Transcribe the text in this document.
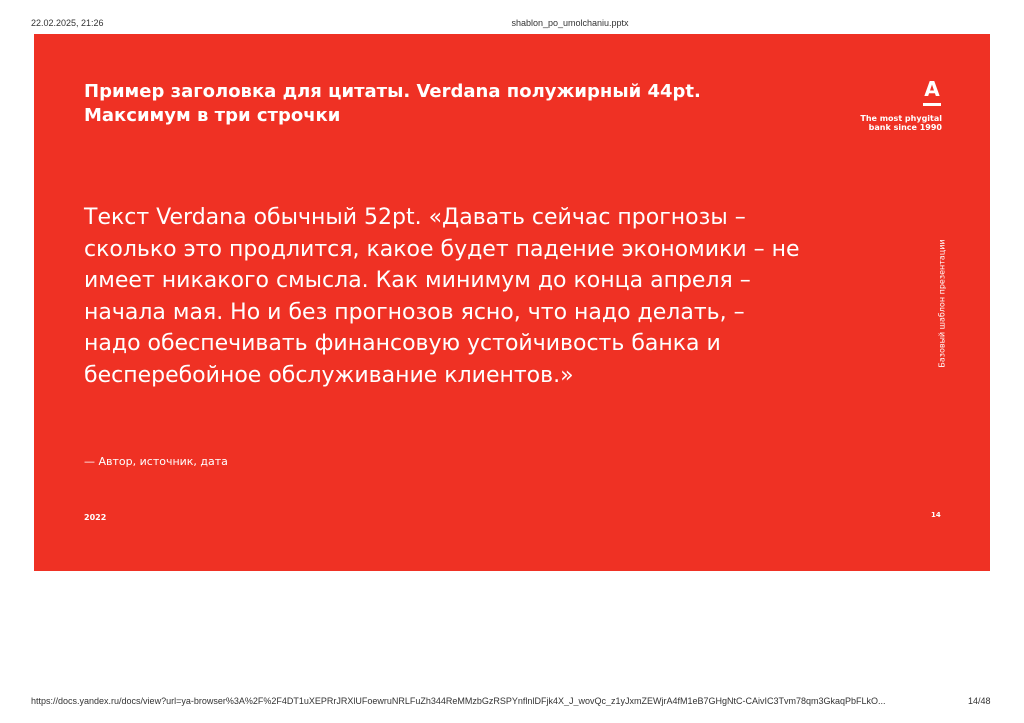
22.02.2025, 21:26	shablon_po_umolchaniu.pptx
Пример заголовка для цитаты. Verdana полужирный 44pt. Максимум в три строчки
А
The most phygital
bank since 1990
Текст Verdana обычный 52pt. «Давать сейчас прогнозы – сколько это продлится, какое будет падение экономики – не имеет никакого смысла. Как минимум до конца апреля – начала мая. Но и без прогнозов ясно, что надо делать, – надо обеспечивать финансовую устойчивость банка и бесперебойное обслуживание клиентов.»
— Автор, источник, дата
Базовый шаблон презентации
2022	14
https://docs.yandex.ru/docs/view?url=ya-browser%3A%2F%2F4DT1uXEPRrJRXlUFoewruNRLFuZh344ReMMzbGzRSPYnflnlDFjk4X_J_wovQc_z1yJxmZEWjrA4fM1eB7GHgNtC-CAivIC3Tvm78qm3GkaqPbFLkO...	14/48
